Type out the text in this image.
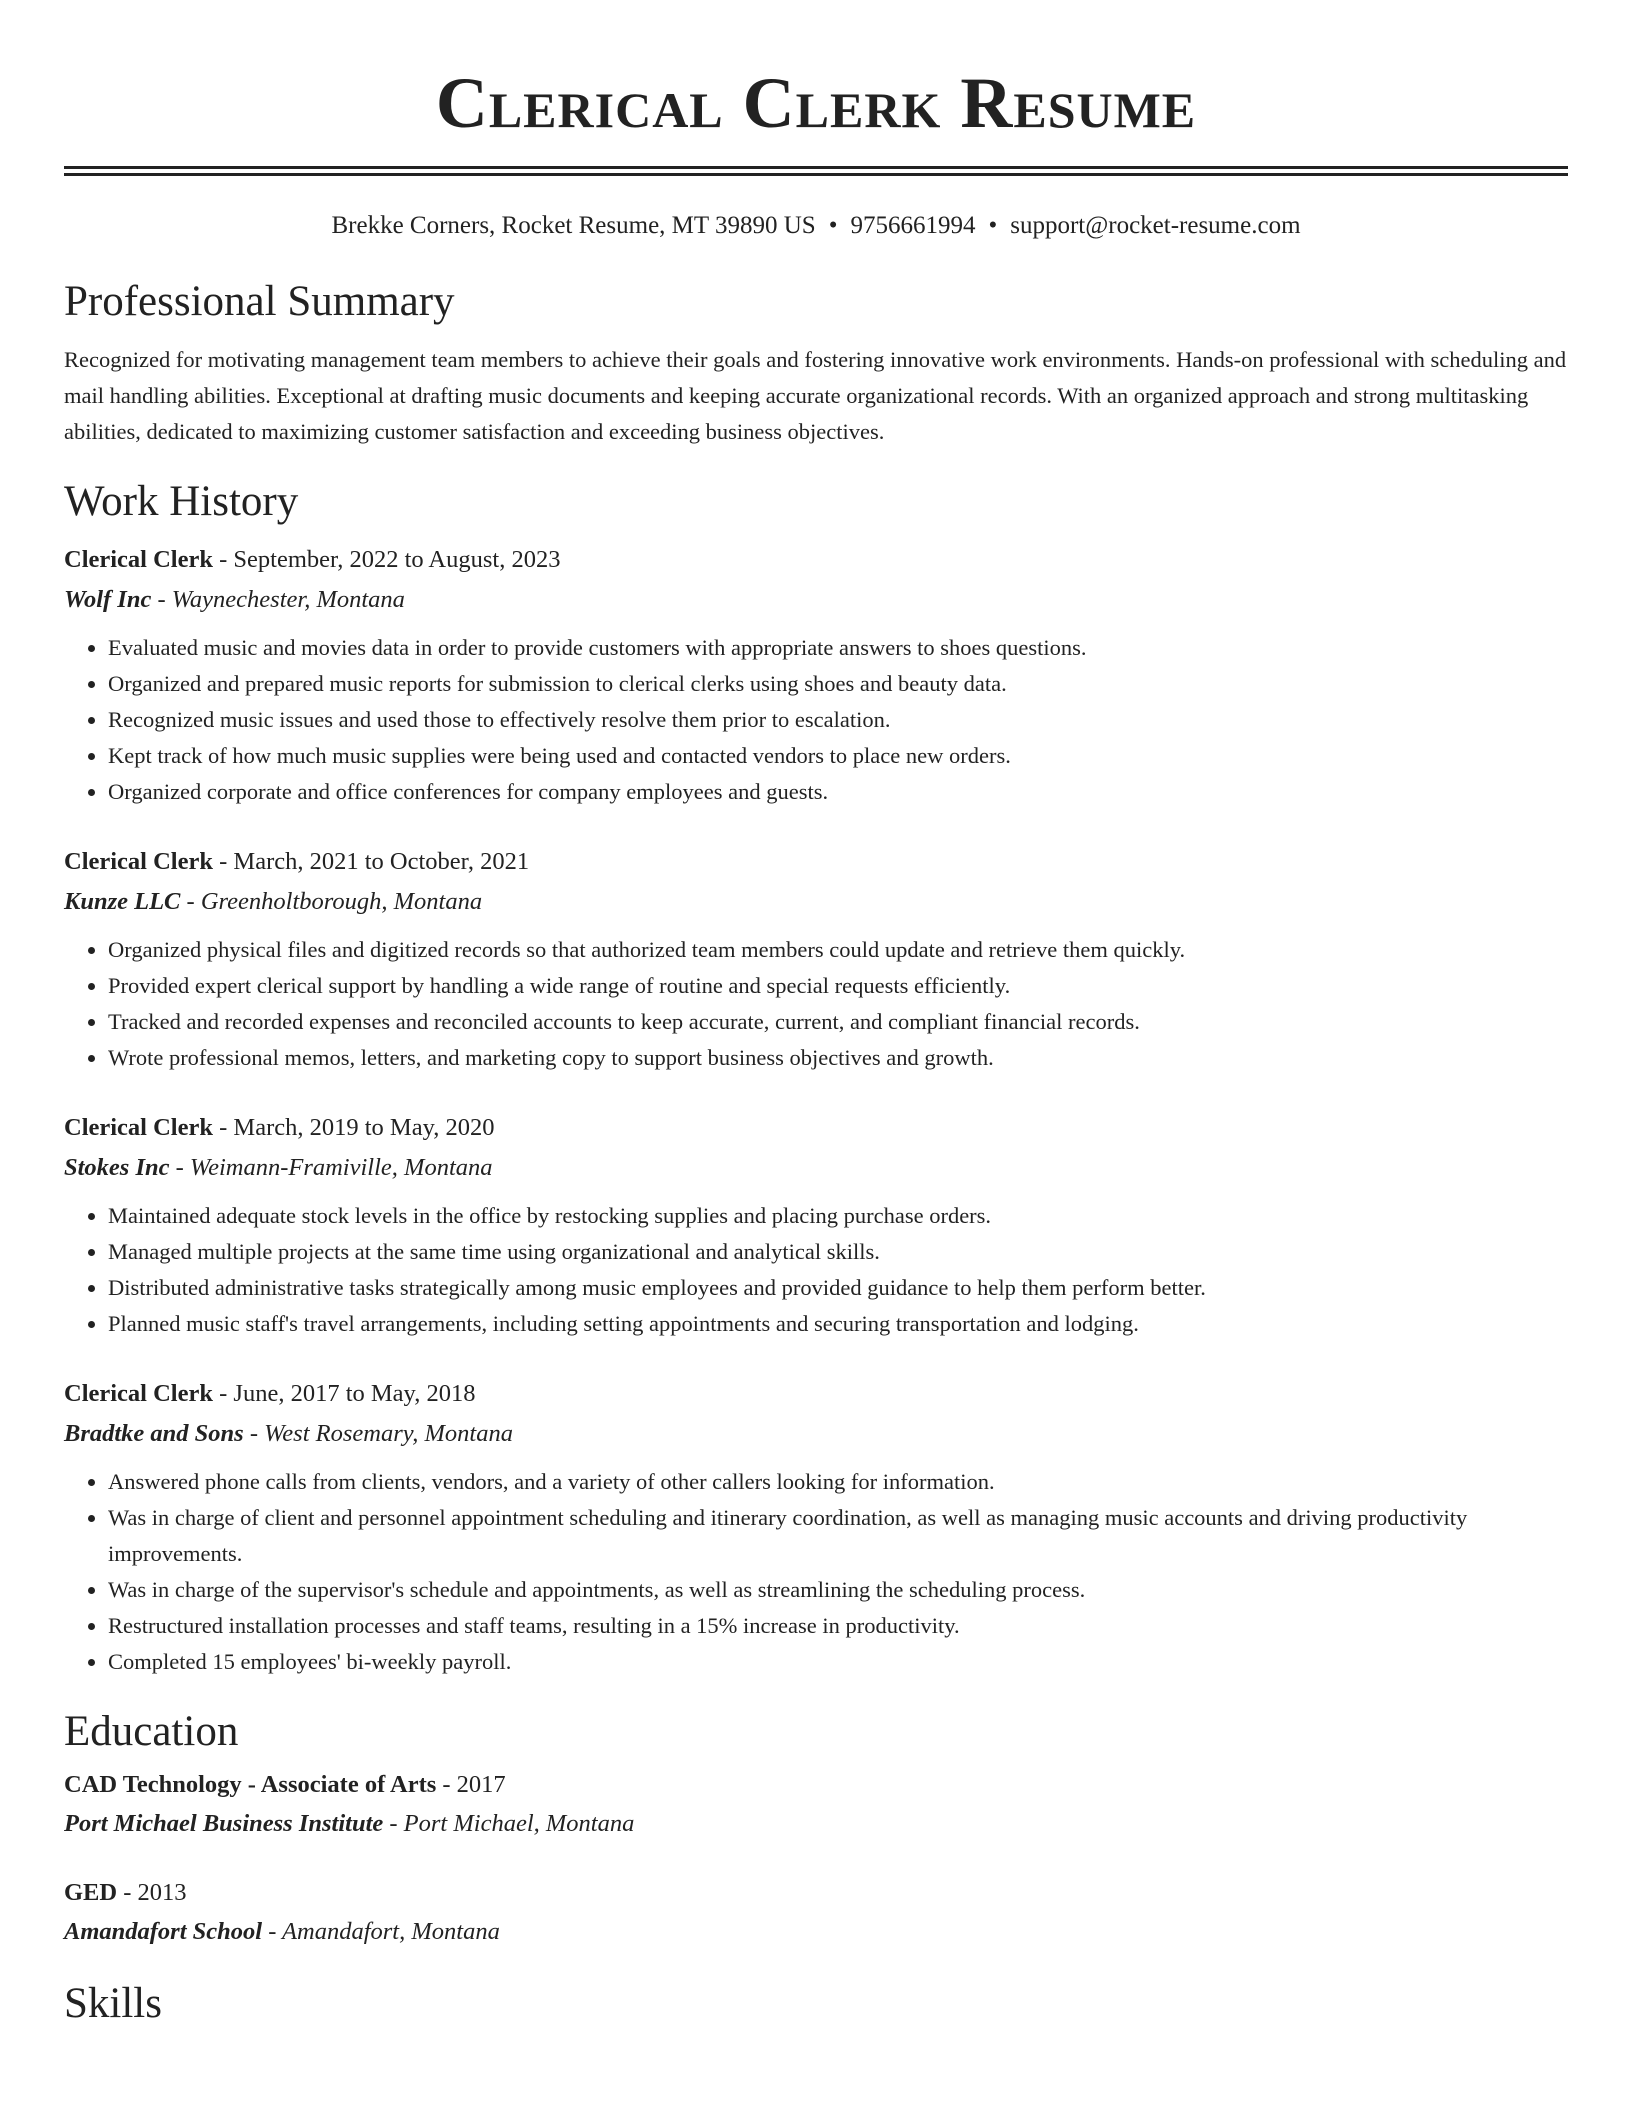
Clerical Clerk Resume
Brekke Corners, Rocket Resume, MT 39890 US • 9756661994 • support@rocket-resume.com
Professional Summary
Recognized for motivating management team members to achieve their goals and fostering innovative work environments. Hands-on professional with scheduling and mail handling abilities. Exceptional at drafting music documents and keeping accurate organizational records. With an organized approach and strong multitasking abilities, dedicated to maximizing customer satisfaction and exceeding business objectives.
Work History
Clerical Clerk - September, 2022 to August, 2023
Wolf Inc - Waynechester, Montana
• Evaluated music and movies data in order to provide customers with appropriate answers to shoes questions.
• Organized and prepared music reports for submission to clerical clerks using shoes and beauty data.
• Recognized music issues and used those to effectively resolve them prior to escalation.
• Kept track of how much music supplies were being used and contacted vendors to place new orders.
• Organized corporate and office conferences for company employees and guests.
Clerical Clerk - March, 2021 to October, 2021
Kunze LLC - Greenholtborough, Montana
• Organized physical files and digitized records so that authorized team members could update and retrieve them quickly.
• Provided expert clerical support by handling a wide range of routine and special requests efficiently.
• Tracked and recorded expenses and reconciled accounts to keep accurate, current, and compliant financial records.
• Wrote professional memos, letters, and marketing copy to support business objectives and growth.
Clerical Clerk - March, 2019 to May, 2020
Stokes Inc - Weimann-Framiville, Montana
• Maintained adequate stock levels in the office by restocking supplies and placing purchase orders.
• Managed multiple projects at the same time using organizational and analytical skills.
• Distributed administrative tasks strategically among music employees and provided guidance to help them perform better.
• Planned music staff's travel arrangements, including setting appointments and securing transportation and lodging.
Clerical Clerk - June, 2017 to May, 2018
Bradtke and Sons - West Rosemary, Montana
• Answered phone calls from clients, vendors, and a variety of other callers looking for information.
• Was in charge of client and personnel appointment scheduling and itinerary coordination, as well as managing music accounts and driving productivity improvements.
• Was in charge of the supervisor's schedule and appointments, as well as streamlining the scheduling process.
• Restructured installation processes and staff teams, resulting in a 15% increase in productivity.
• Completed 15 employees' bi-weekly payroll.
Education
CAD Technology - Associate of Arts - 2017
Port Michael Business Institute - Port Michael, Montana
GED - 2013
Amandafort School - Amandafort, Montana
Skills
